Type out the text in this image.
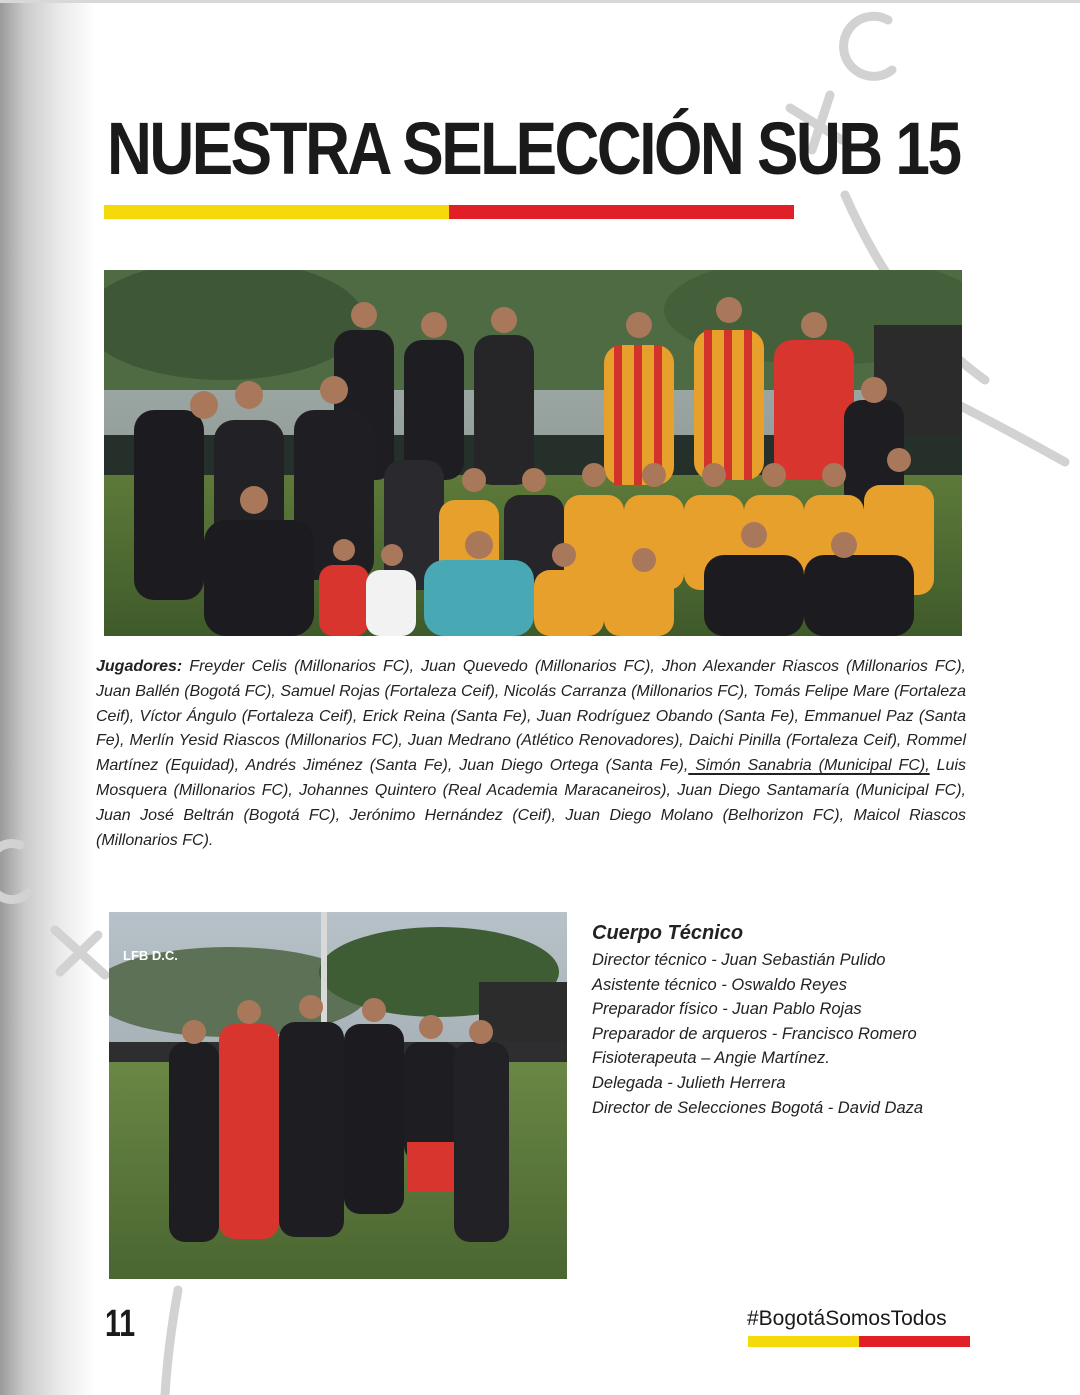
NUESTRA SELECCIÓN SUB 15

Jugadores: Freyder Celis (Millonarios FC), Juan Quevedo (Millonarios FC), Jhon Alexander Riascos (Millonarios FC), Juan Ballén (Bogotá FC), Samuel Rojas (Fortaleza Ceif), Nicolás Carranza (Millonarios FC), Tomás Felipe Mare (Fortaleza Ceif), Víctor Ángulo (Fortaleza Ceif), Erick Reina (Santa Fe), Juan Rodríguez Obando (Santa Fe), Emmanuel Paz (Santa Fe), Merlín Yesid Riascos (Millonarios FC), Juan Medrano (Atlético Renovadores), Daichi Pinilla (Fortaleza Ceif), Rommel Martínez (Equidad), Andrés Jiménez (Santa Fe), Juan Diego Ortega (Santa Fe), Simón Sanabria (Municipal FC), Luis Mosquera (Millonarios FC), Johannes Quintero (Real Academia Maracaneiros), Juan Diego Santamaría (Municipal FC), Juan José Beltrán (Bogotá FC), Jerónimo Hernández (Ceif), Juan Diego Molano (Belhorizon FC), Maicol Riascos (Millonarios FC).

LFB D.C.
Cuerpo Técnico
Director técnico - Juan Sebastián Pulido
Asistente técnico - Oswaldo Reyes
Preparador físico - Juan Pablo Rojas
Preparador de arqueros - Francisco Romero
Fisioterapeuta – Angie Martínez.
Delegada - Julieth Herrera
Director de Selecciones Bogotá - David Daza
11	#BogotáSomosTodos
